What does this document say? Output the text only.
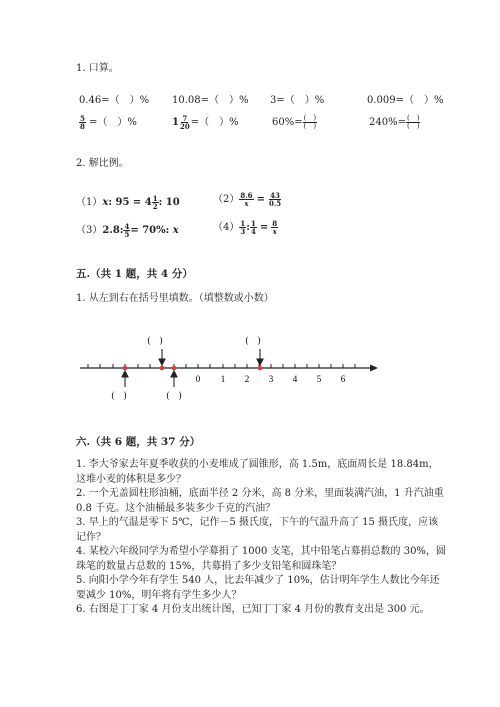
1. 口算。
0.46=（　）% 10.08=（　）% 3=（　）%	0.009=（　）%
$\frac{5}{8}$ =（　）%	$1 \frac{7}{20}$ =（　）%	$60\%= \frac{( )}{( )}$	$240\%= \frac{( )}{( )}$
2. 解比例。
（1）x: $95 = 4 \frac{1}{2}$ : 10	$(2) \frac{8.6}{x} = \frac{43}{0.5}$
（3）2.8: $\frac{4}{5} = 70\%$: x	$(4) \frac{1}{3}$ : $\frac{1}{4} = \frac{8}{x}$
五.（共 1 题，共 4 分）
1. 从左到右在括号里填数。（填整数或小数）
0 1 2 3 4 5 6
(　)	(　)
(　)	(　)
六.（共 6 题，共 37 分）
1. 李大爷家去年夏季收获的小麦堆成了圆锥形，高 1.5m，底面周长是 18.84m，这堆小麦的体积是多少？
2. 一个无盖圆柱形油桶，底面半径 2 分米，高 8 分米，里面装满汽油，1 升汽油重 0.8 千克。这个油桶最多装多少千克的汽油？
3. 早上的气温是零下 5℃，记作－5 摄氏度，下午的气温升高了 15 摄氏度，应该记作？
4. 某校六年级同学为希望小学募捐了 1000 支笔，其中铅笔占募捐总数的 30%，圆珠笔的数量占总数的 15%，共募捐了多少支铅笔和圆珠笔？
5. 向阳小学今年有学生 540 人，比去年减少了 10%，估计明年学生人数比今年还要减少 10%，明年将有学生多少人？
6. 右图是丁丁家 4 月份支出统计图，已知丁丁家 4 月份的教育支出是 300 元。
